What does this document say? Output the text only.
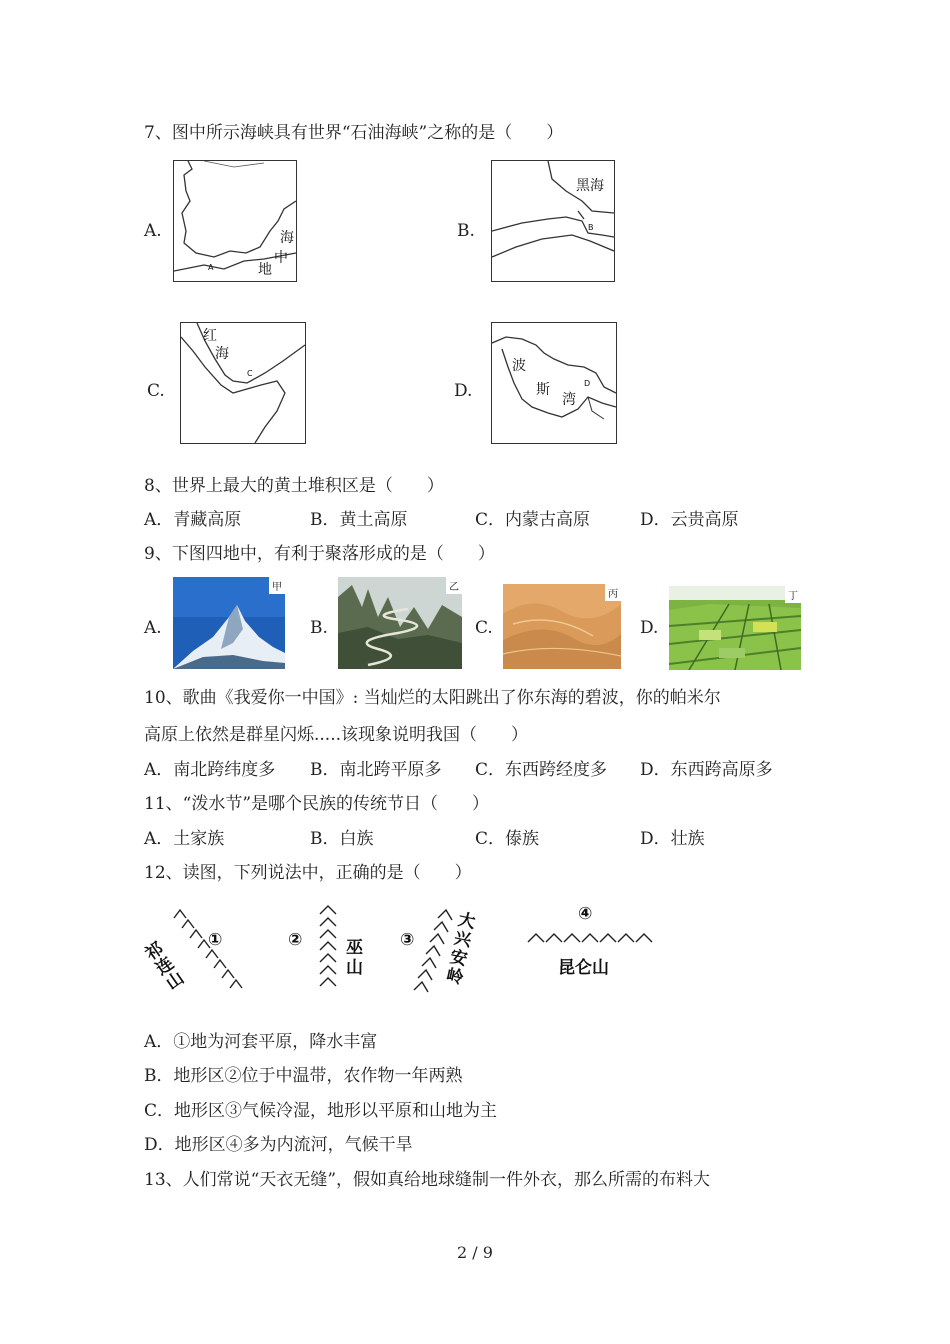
7、图中所示海峡具有世界“石油海峡”之称的是（　　）
A.	海
中
地
A
B.
黑海
B
C.
红
海
C
D.
波
斯
湾
D
8、世界上最大的黄土堆积区是（　　）
A．青藏高原	B．黄土高原	C．内蒙古高原	D．云贵高原
9、下图四地中，有利于聚落形成的是（　　）
A.
甲
B.
乙
C.
丙
D.
丁
10、歌曲《我爱你一中国》: 当灿烂的太阳跳出了你东海的碧波，你的帕米尔
高原上依然是群星闪烁.....该现象说明我国（　　）
A．南北跨纬度多 B．南北跨平原多 C．东西跨经度多 D．东西跨高原多
11、“泼水节”是哪个民族的传统节日（　　）
A．土家族	B．白族	C．傣族	D．壮族
12、读图，下列说法中，正确的是（　　）
①
祁连山
②	巫山
③
大兴安岭
④
昆仑山
A．①地为河套平原，降水丰富
B．地形区②位于中温带，农作物一年两熟
C．地形区③气候冷湿，地形以平原和山地为主
D．地形区④多为内流河，气候干旱
13、人们常说“天衣无缝”，假如真给地球缝制一件外衣，那么所需的布料大
2 / 9
